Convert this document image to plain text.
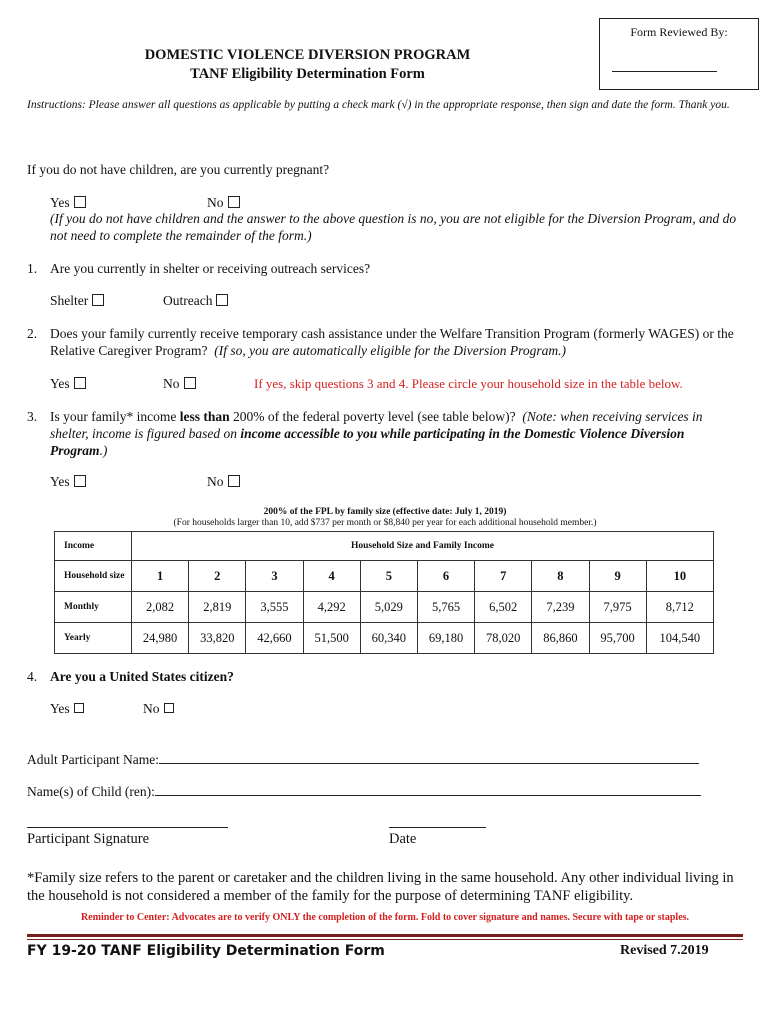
Form Reviewed By:
DOMESTIC VIOLENCE DIVERSION PROGRAM
TANF Eligibility Determination Form
Instructions: Please answer all questions as applicable by putting a check mark (√) in the appropriate response, then sign and date the form. Thank you.
If you do not have children, are you currently pregnant?
Yes	No
(If you do not have children and the answer to the above question is no, you are not eligible for the Diversion Program, and do not need to complete the remainder of the form.)
1. Are you currently in shelter or receiving outreach services?
Shelter	Outreach
2. Does your family currently receive temporary cash assistance under the Welfare Transition Program (formerly WAGES) or the Relative Caregiver Program? (If so, you are automatically eligible for the Diversion Program.)
Yes	No	If yes, skip questions 3 and 4. Please circle your household size in the table below.
3. Is your family* income less than 200% of the federal poverty level (see table below)? (Note: when receiving services in shelter, income is figured based on income accessible to you while participating in the Domestic Violence Diversion Program.)
Yes	No
200% of the FPL by family size (effective date: July 1, 2019)
(For households larger than 10, add $737 per month or $8,840 per year for each additional household member.)
Income	Household Size and Family Income									
Household size	1	2	3	4	5	6	7	8	9	10
Monthly	2,082	2,819	3,555	4,292	5,029	5,765	6,502	7,239	7,975	8,712
Yearly	24,980	33,820	42,660	51,500	60,340	69,180	78,020	86,860	95,700	104,540
4. Are you a United States citizen?
Yes	No
Adult Participant Name:
Name(s) of Child (ren):
Participant Signature	Date
*Family size refers to the parent or caretaker and the children living in the same household. Any other individual living in the household is not considered a member of the family for the purpose of determining TANF eligibility.
Reminder to Center: Advocates are to verify ONLY the completion of the form. Fold to cover signature and names. Secure with tape or staples.
FY 19-20 TANF Eligibility Determination Form	Revised 7.2019
